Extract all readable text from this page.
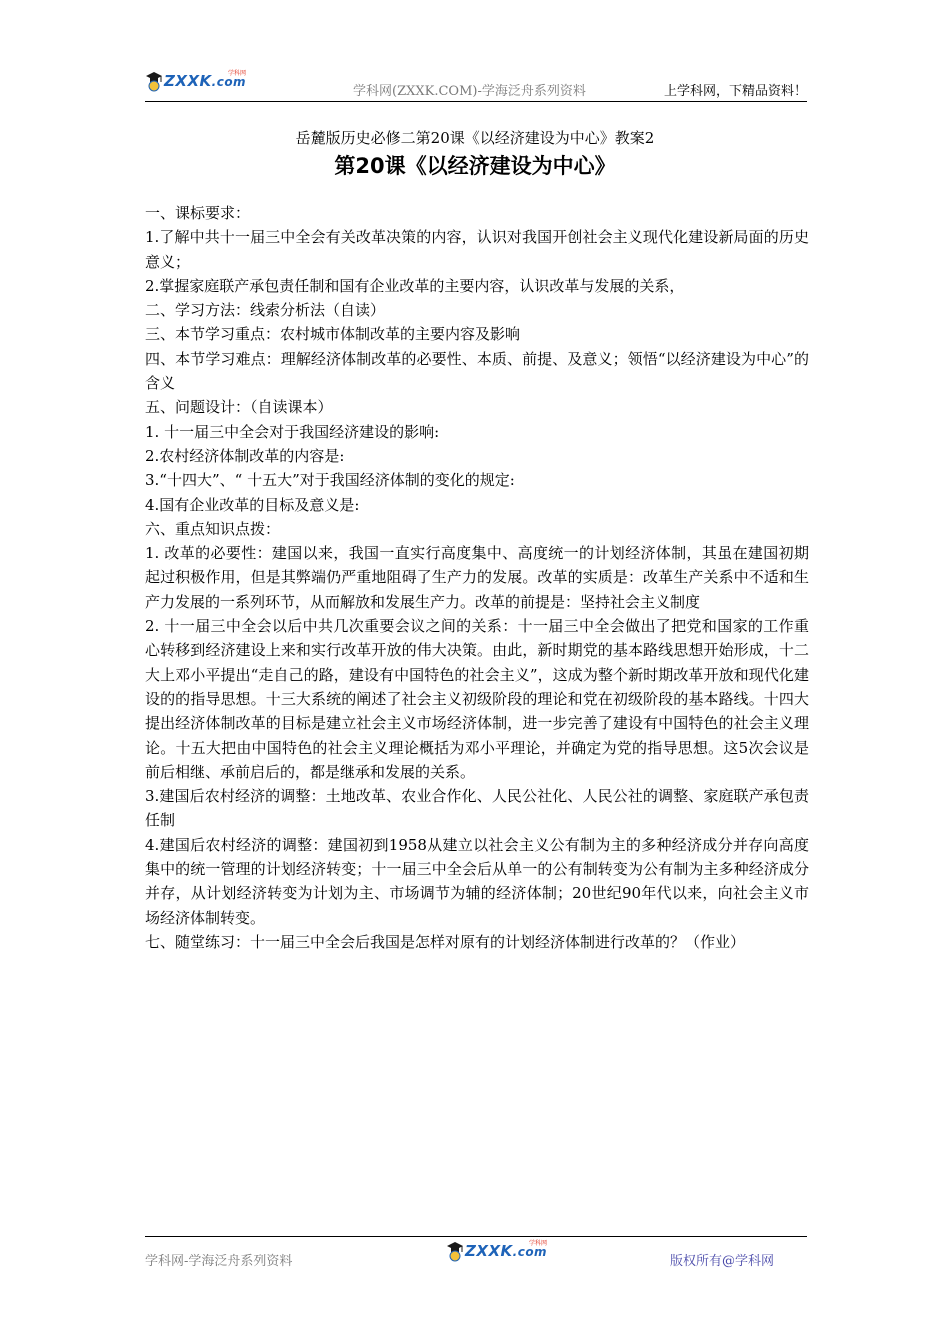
ZXXK.com
学科网
学科网(ZXXK.COM)-学海泛舟系列资料	上学科网，下精品资料！
岳麓版历史必修二第20课《以经济建设为中心》教案2
第20课《以经济建设为中心》

一、课标要求：

1.了解中共十一届三中全会有关改革决策的内容，认识对我国开创社会主义现代化建设新局面的历史意义；

2.掌握家庭联产承包责任制和国有企业改革的主要内容，认识改革与发展的关系，

二、学习方法：线索分析法（自读）

三、本节学习重点：农村城市体制改革的主要内容及影响

四、本节学习难点：理解经济体制改革的必要性、本质、前提、及意义；领悟“以经济建设为中心”的含义

五、问题设计：（自读课本）

1. 十一届三中全会对于我国经济建设的影响:

2.农村经济体制改革的内容是:

3.“十四大”、“ 十五大”对于我国经济体制的变化的规定:

4.国有企业改革的目标及意义是:

六、重点知识点拨：

1. 改革的必要性：建国以来，我国一直实行高度集中、高度统一的计划经济体制，其虽在建国初期起过积极作用，但是其弊端仍严重地阻碍了生产力的发展。改革的实质是：改革生产关系中不适和生产力发展的一系列环节，从而解放和发展生产力。改革的前提是：坚持社会主义制度

2. 十一届三中全会以后中共几次重要会议之间的关系：十一届三中全会做出了把党和国家的工作重心转移到经济建设上来和实行改革开放的伟大决策。由此，新时期党的基本路线思想开始形成，十二大上邓小平提出“走自己的路，建设有中国特色的社会主义”，这成为整个新时期改革开放和现代化建设的的指导思想。十三大系统的阐述了社会主义初级阶段的理论和党在初级阶段的基本路线。十四大提出经济体制改革的目标是建立社会主义市场经济体制，进一步完善了建设有中国特色的社会主义理论。十五大把由中国特色的社会主义理论概括为邓小平理论，并确定为党的指导思想。这5次会议是前后相继、承前启后的，都是继承和发展的关系。

3.建国后农村经济的调整：土地改革、农业合作化、人民公社化、人民公社的调整、家庭联产承包责任制

4.建国后农村经济的调整：建国初到1958从建立以社会主义公有制为主的多种经济成分并存向高度集中的统一管理的计划经济转变；十一届三中全会后从单一的公有制转变为公有制为主多种经济成分并存，从计划经济转变为计划为主、市场调节为辅的经济体制；20世纪90年代以来，向社会主义市场经济体制转变。

七、随堂练习：十一届三中全会后我国是怎样对原有的计划经济体制进行改革的？（作业）

学科网-学海泛舟系列资料
ZXXK.com
学科网
版权所有@学科网
